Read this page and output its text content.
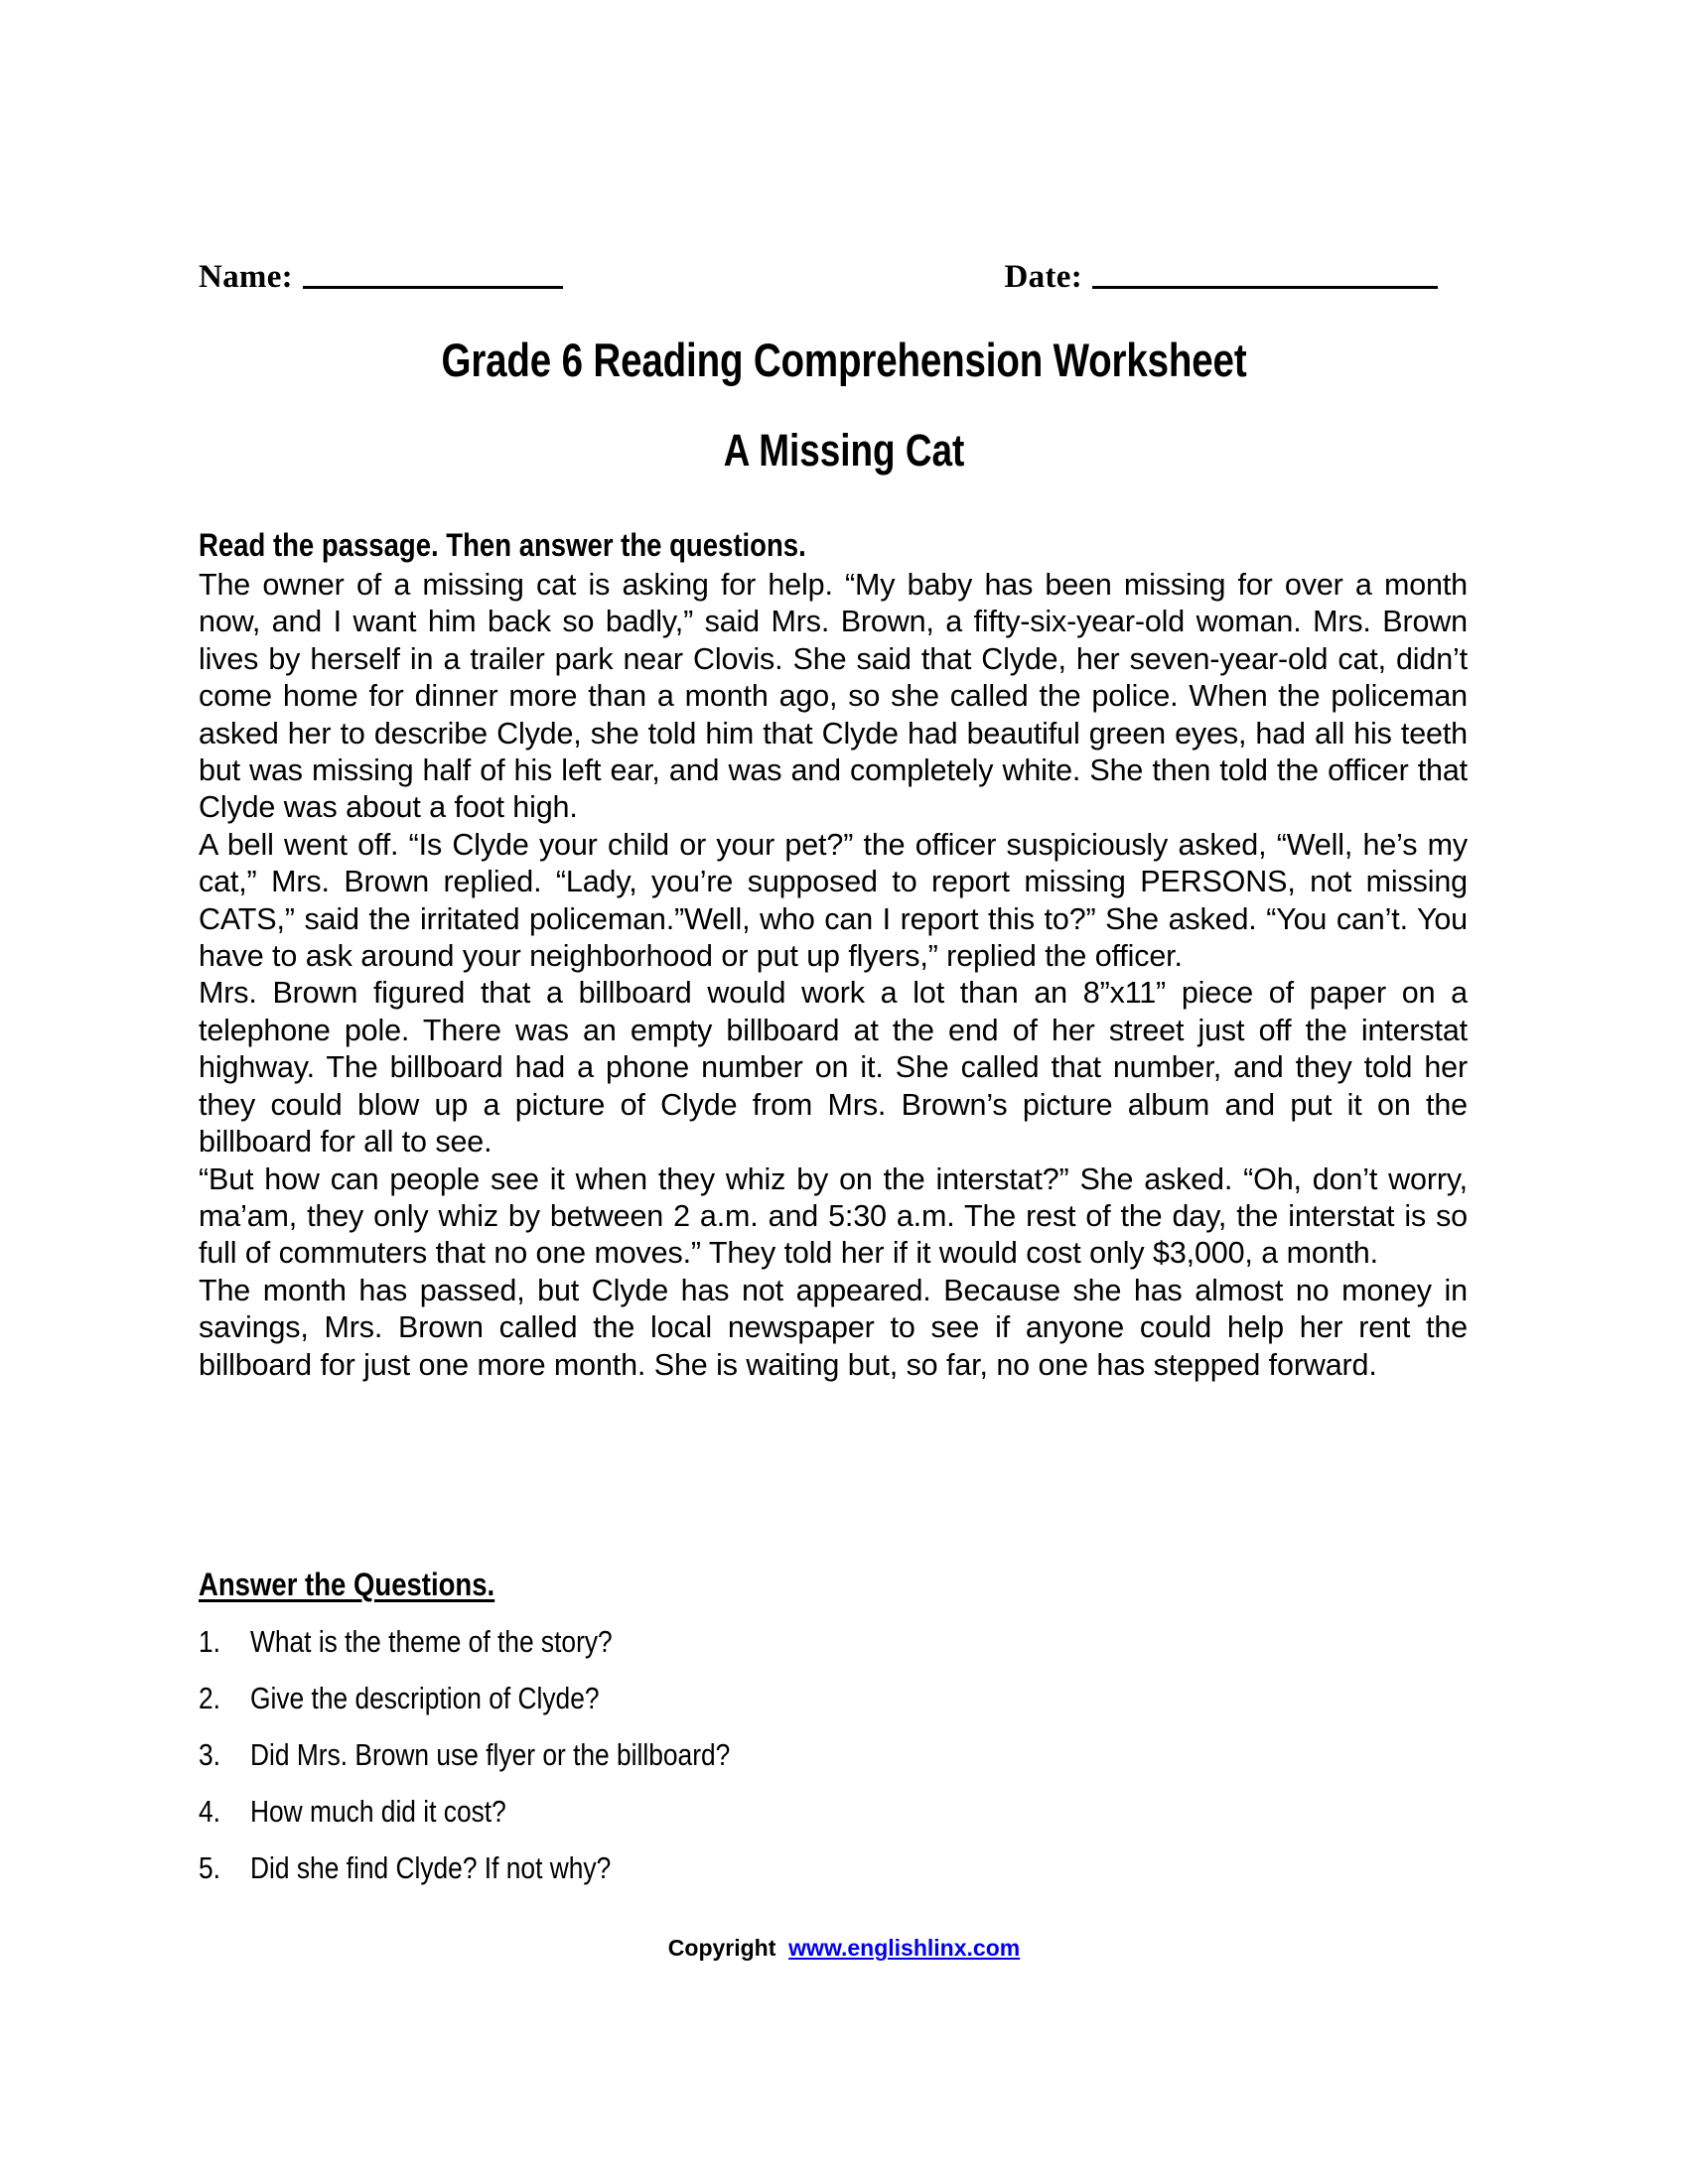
Name:	Date:
Grade 6 Reading Comprehension Worksheet
A Missing Cat

Read the passage. Then answer the questions.

The owner of a missing cat is asking for help. “My baby has been missing for over a month now, and I want him back so badly,” said Mrs. Brown, a fifty-six-year-old woman. Mrs. Brown lives by herself in a trailer park near Clovis. She said that Clyde, her seven-year-old cat, didn’t come home for dinner more than a month ago, so she called the police. When the policeman asked her to describe Clyde, she told him that Clyde had beautiful green eyes, had all his teeth but was missing half of his left ear, and was and completely white. She then told the officer that Clyde was about a foot high.

A bell went off. “Is Clyde your child or your pet?” the officer suspiciously asked, “Well, he’s my cat,” Mrs. Brown replied. “Lady, you’re supposed to report missing PERSONS, not missing CATS,” said the irritated policeman.”Well, who can I report this to?” She asked. “You can’t. You have to ask around your neighborhood or put up flyers,” replied the officer.

Mrs. Brown figured that a billboard would work a lot than an 8”x11” piece of paper on a telephone pole. There was an empty billboard at the end of her street just off the interstat highway. The billboard had a phone number on it. She called that number, and they told her they could blow up a picture of Clyde from Mrs. Brown’s picture album and put it on the billboard for all to see.

“But how can people see it when they whiz by on the interstat?” She asked. “Oh, don’t worry, ma’am, they only whiz by between 2 a.m. and 5:30 a.m. The rest of the day, the interstat is so full of commuters that no one moves.” They told her if it would cost only $3,000, a month.

The month has passed, but Clyde has not appeared. Because she has almost no money in savings, Mrs. Brown called the local newspaper to see if anyone could help her rent the billboard for just one more month. She is waiting but, so far, no one has stepped forward.

Answer the Questions.
1. What is the theme of the story?
2. Give the description of Clyde?
3. Did Mrs. Brown use flyer or the billboard?
4. How much did it cost?
5. Did she find Clyde? If not why?
Copyright www.englishlinx.com
